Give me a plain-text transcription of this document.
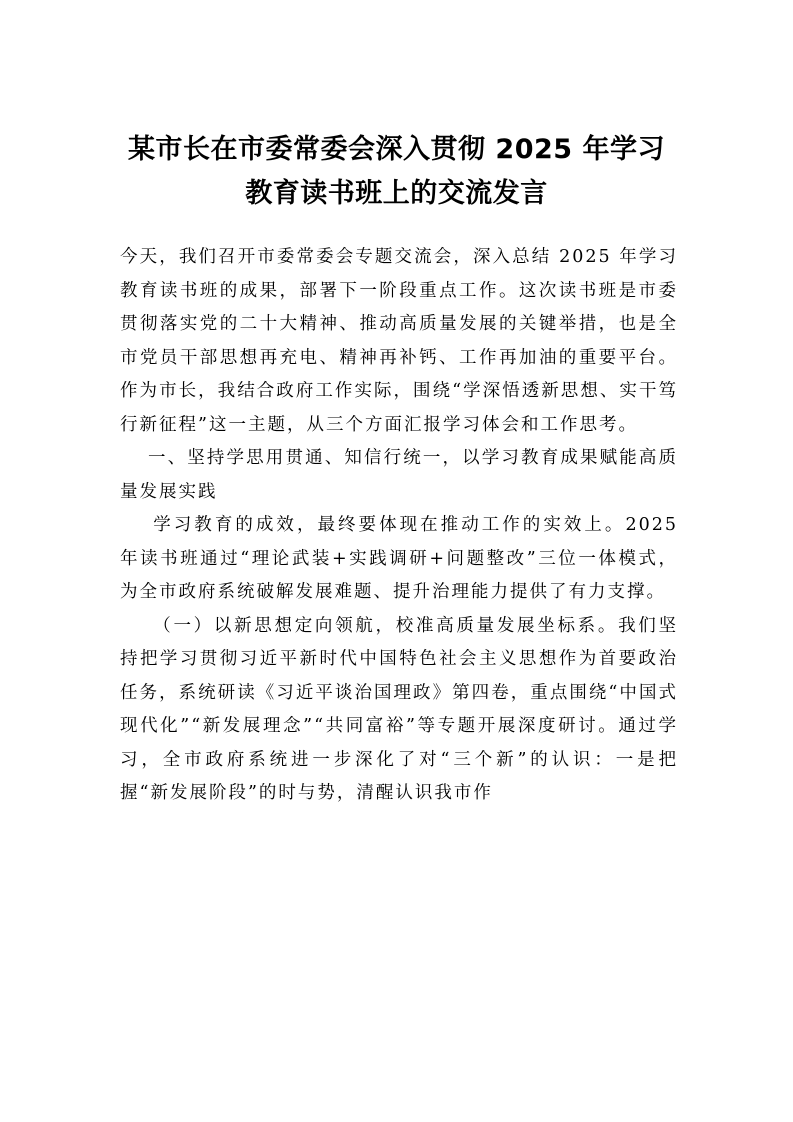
某市长在市委常委会深入贯彻 2025 年学习
教育读书班上的交流发言

今天，我们召开市委常委会专题交流会，深入总结 2025 年学习教育读书班的成果，部署下一阶段重点工作。这次读书班是市委贯彻落实党的二十大精神、推动高质量发展的关键举措，也是全市党员干部思想再充电、精神再补钙、工作再加油的重要平台。作为市长，我结合政府工作实际，围绕“学深悟透新思想、实干笃行新征程”这一主题，从三个方面汇报学习体会和工作思考。

一、坚持学思用贯通、知信行统一，以学习教育成果赋能高质量发展实践

学习教育的成效，最终要体现在推动工作的实效上。2025 年读书班通过“理论武装+实践调研+问题整改”三位一体模式，为全市政府系统破解发展难题、提升治理能力提供了有力支撑。

（一）以新思想定向领航，校准高质量发展坐标系。我们坚持把学习贯彻习近平新时代中国特色社会主义思想作为首要政治任务，系统研读《习近平谈治国理政》第四卷，重点围绕“中国式现代化”“新发展理念”“共同富裕”等专题开展深度研讨。通过学习，全市政府系统进一步深化了对“三个新”的认识：一是把握“新发展阶段”的时与势，清醒认识我市作
